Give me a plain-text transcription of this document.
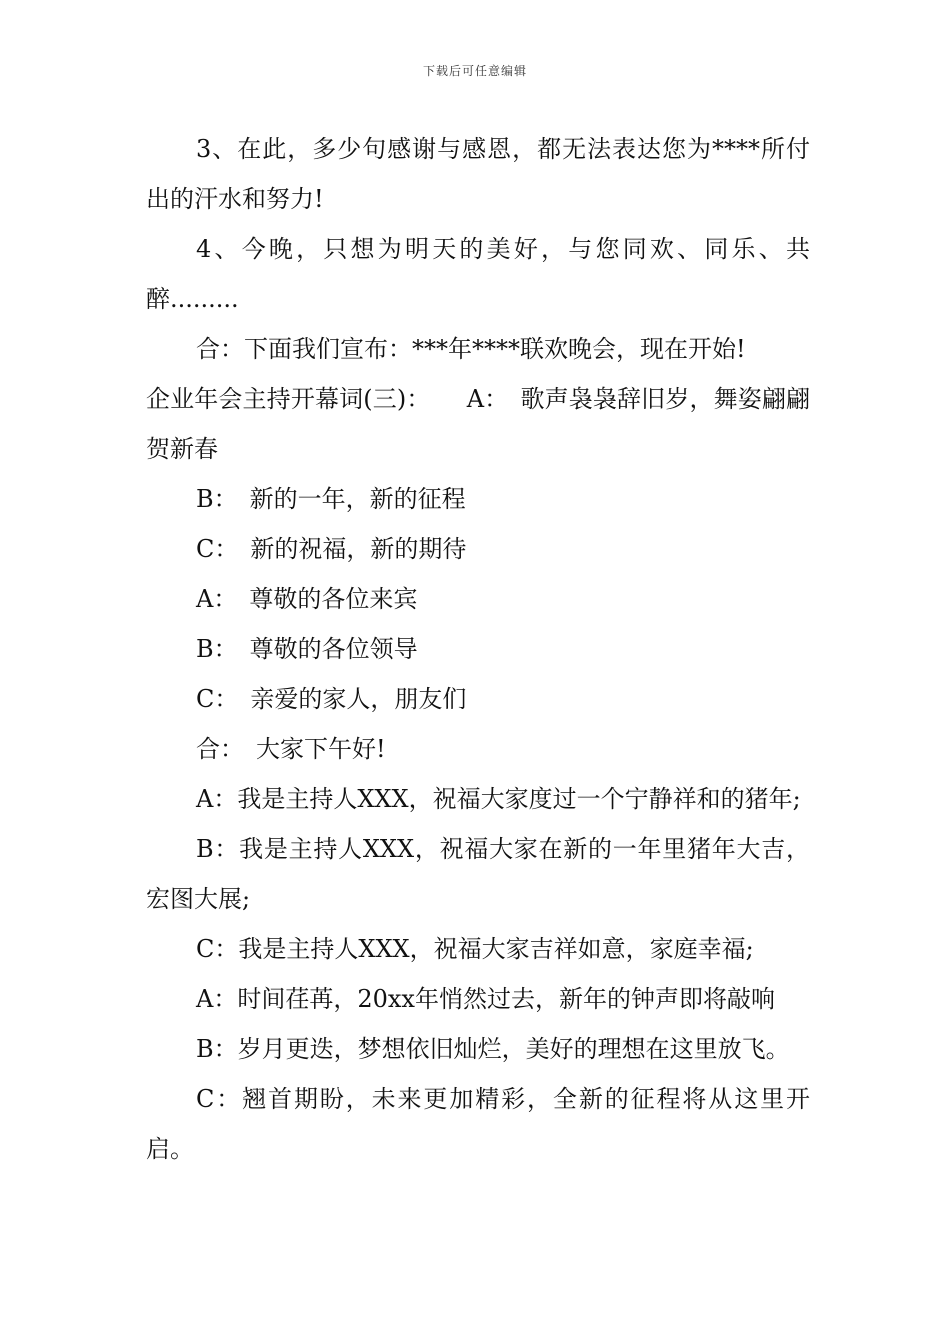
下载后可任意编辑

3、在此，多少句感谢与感恩，都无法表达您为****所付出的汗水和努力!

4、今晚，只想为明天的美好，与您同欢、同乐、共醉.........

合：下面我们宣布：***年****联欢晚会，现在开始!

企业年会主持开幕词(三)：　　A：　歌声袅袅辞旧岁，舞姿翩翩贺新春

B：　新的一年，新的征程

C：　新的祝福，新的期待

A：　尊敬的各位来宾

B：　尊敬的各位领导

C：　亲爱的家人，朋友们

合：　大家下午好!

A：我是主持人XXX，祝福大家度过一个宁静祥和的猪年;

B：我是主持人XXX，祝福大家在新的一年里猪年大吉，宏图大展;

C：我是主持人XXX，祝福大家吉祥如意，家庭幸福;

A：时间荏苒，20xx年悄然过去，新年的钟声即将敲响

B：岁月更迭，梦想依旧灿烂，美好的理想在这里放飞。

C：翘首期盼，未来更加精彩，全新的征程将从这里开启。
